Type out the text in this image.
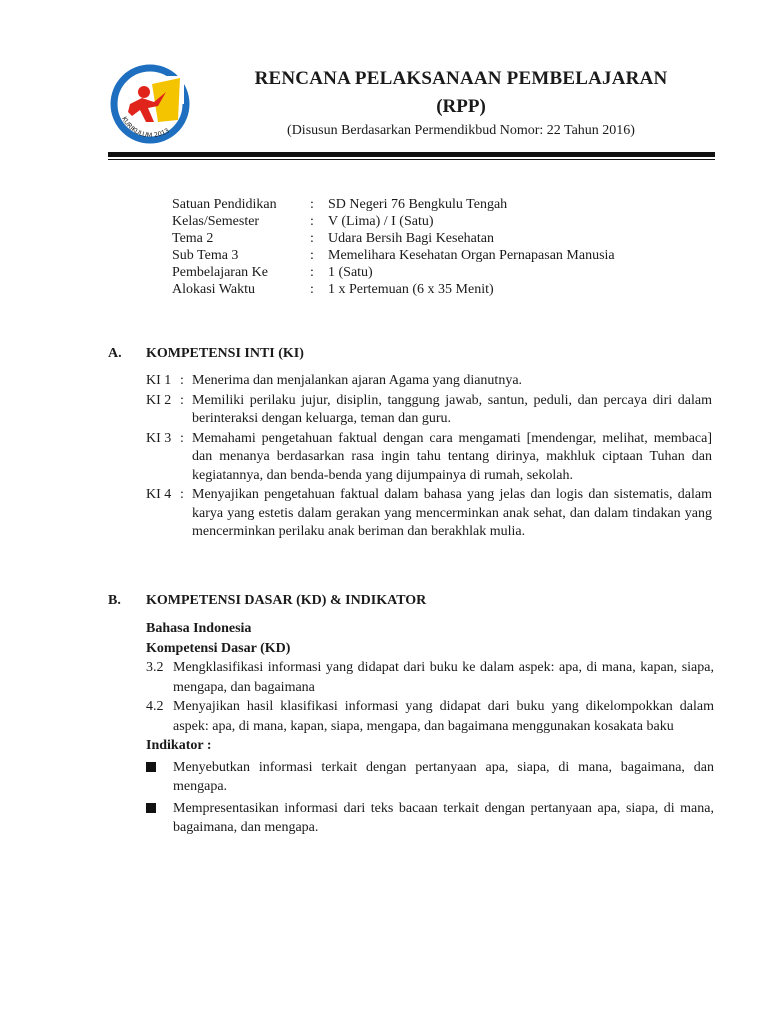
KURIKULUM 2013
RENCANA PELAKSANAAN PEMBELAJARAN
(RPP)
(Disusun Berdasarkan Permendikbud Nomor: 22 Tahun 2016)
Satuan Pendidikan	:	SD Negeri 76 Bengkulu Tengah
Kelas/Semester	:	V (Lima) / I (Satu)
Tema 2	:	Udara Bersih Bagi Kesehatan
Sub Tema 3	:	Memelihara Kesehatan Organ Pernapasan Manusia
Pembelajaran Ke	:	1 (Satu)
Alokasi Waktu	:	1 x Pertemuan (6 x 35 Menit)
A. KOMPETENSI INTI (KI)
KI 1 : Menerima dan menjalankan ajaran Agama yang dianutnya.
KI 2 : Memiliki perilaku jujur, disiplin, tanggung jawab, santun, peduli, dan percaya diri dalam berinteraksi dengan keluarga, teman dan guru.
KI 3 : Memahami pengetahuan faktual dengan cara mengamati [mendengar, melihat, membaca] dan menanya berdasarkan rasa ingin tahu tentang dirinya, makhluk ciptaan Tuhan dan kegiatannya, dan benda-benda yang dijumpainya di rumah, sekolah.
KI 4 : Menyajikan pengetahuan faktual dalam bahasa yang jelas dan logis dan sistematis, dalam karya yang estetis dalam gerakan yang mencerminkan anak sehat, dan dalam tindakan yang mencerminkan perilaku anak beriman dan berakhlak mulia.
B. KOMPETENSI DASAR (KD) & INDIKATOR
Bahasa Indonesia
Kompetensi Dasar (KD)
3.2 Mengklasifikasi informasi yang didapat dari buku ke dalam aspek: apa, di mana, kapan, siapa, mengapa, dan bagaimana
4.2 Menyajikan hasil klasifikasi informasi yang didapat dari buku yang dikelompokkan dalam aspek: apa, di mana, kapan, siapa, mengapa, dan bagaimana menggunakan kosakata baku
Indikator :
Menyebutkan informasi terkait dengan pertanyaan apa, siapa, di mana, bagaimana, dan mengapa.
Mempresentasikan informasi dari teks bacaan terkait dengan pertanyaan apa, siapa, di mana, bagaimana, dan mengapa.
